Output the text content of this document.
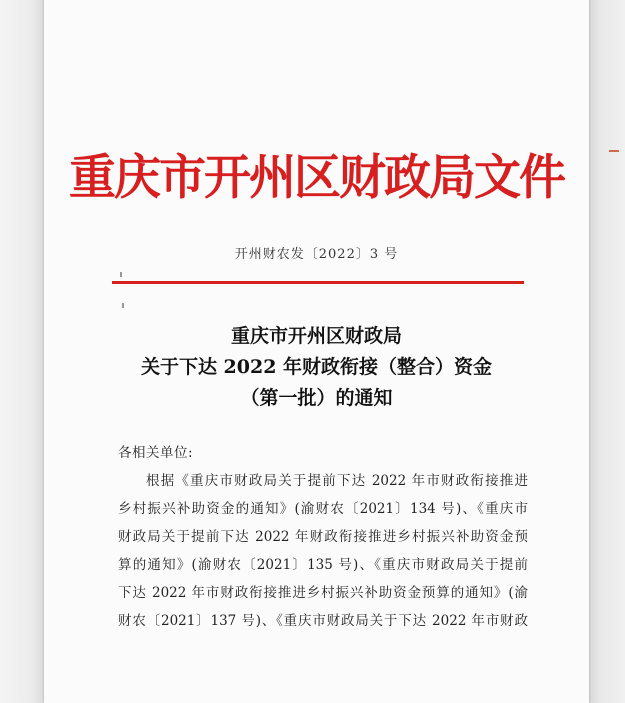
重庆市开州区财政局文件
开州财农发〔2022〕3 号
重庆市开州区财政局
关于下达 2022 年财政衔接（整合）资金
（第一批）的通知
各相关单位:
根据《重庆市财政局关于提前下达 2022 年市财政衔接推进
乡村振兴补助资金的通知》(渝财农〔2021〕134 号)、《重庆市
财政局关于提前下达 2022 年财政衔接推进乡村振兴补助资金预
算的通知》(渝财农〔2021〕135 号)、《重庆市财政局关于提前
下达 2022 年市财政衔接推进乡村振兴补助资金预算的通知》(渝
财农〔2021〕137 号)、《重庆市财政局关于下达 2022 年市财政
